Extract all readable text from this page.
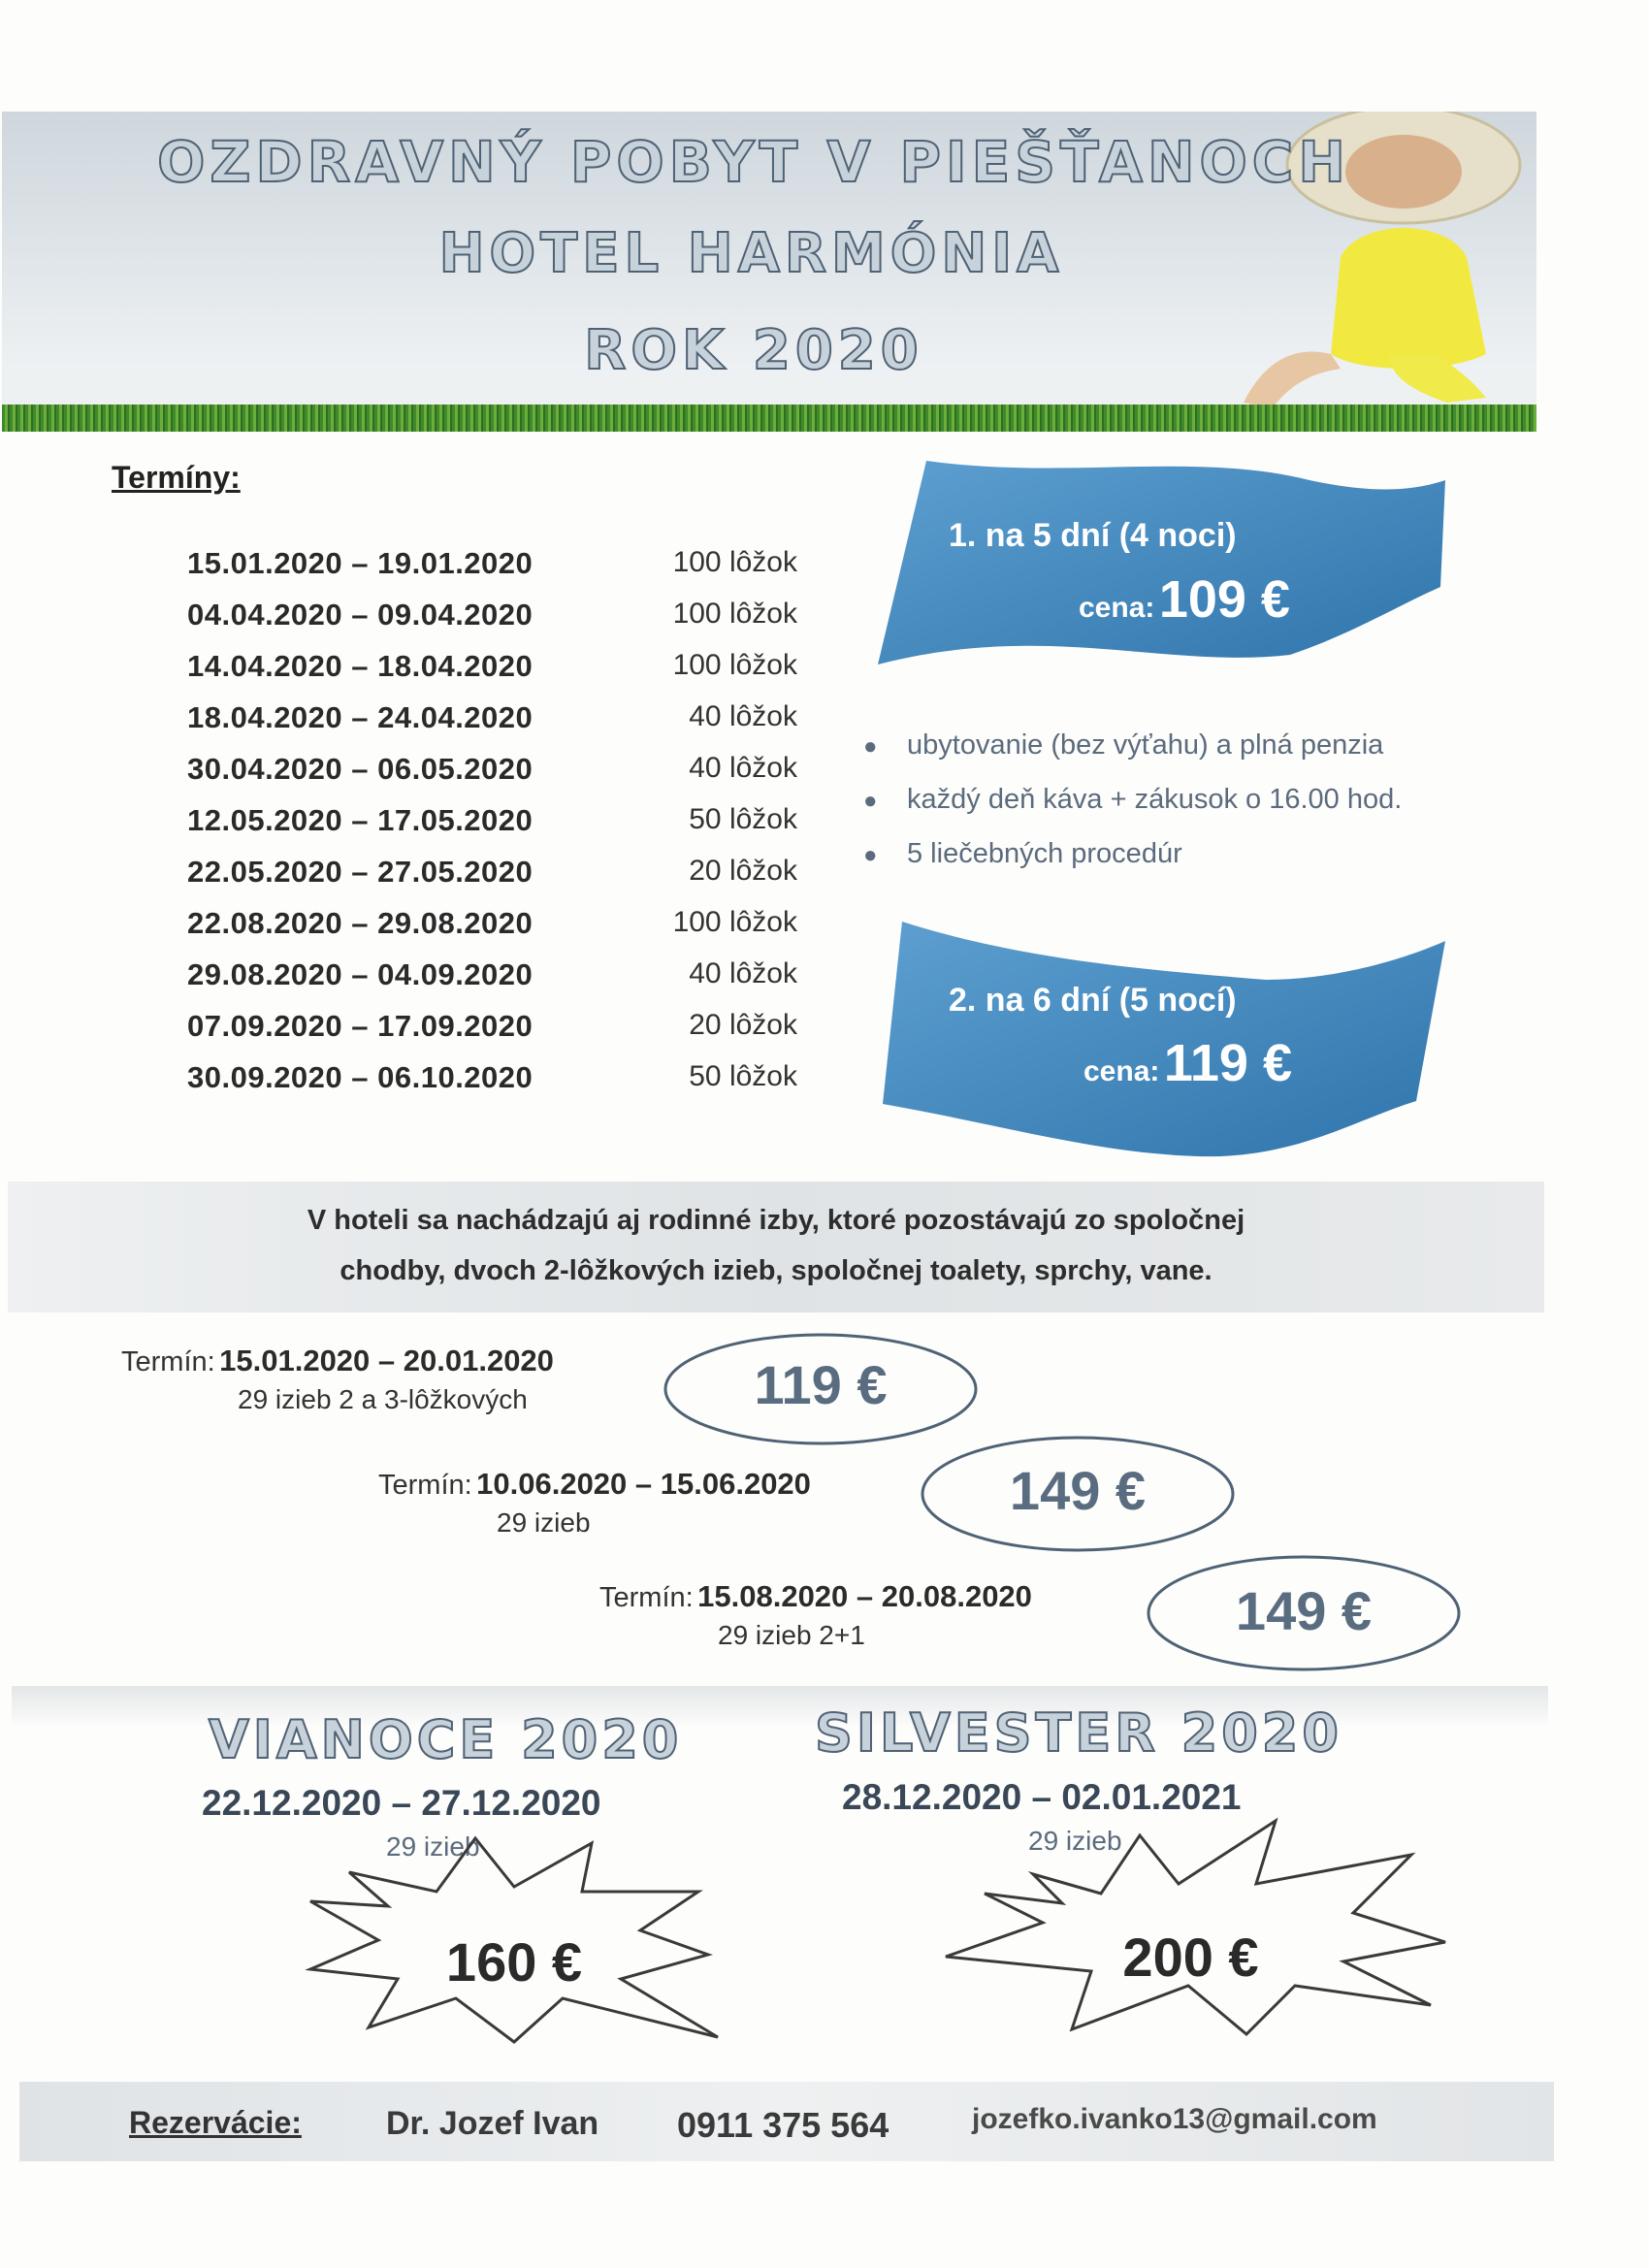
OZDRAVNÝ POBYT V PIEŠŤANOCH
HOTEL HARMÓNIA
ROK 2020
Termíny:
15.01.2020 – 19.01.2020	100 lôžok
04.04.2020 – 09.04.2020	100 lôžok
14.04.2020 – 18.04.2020	100 lôžok
18.04.2020 – 24.04.2020	40 lôžok
30.04.2020 – 06.05.2020	40 lôžok
12.05.2020 – 17.05.2020	50 lôžok
22.05.2020 – 27.05.2020	20 lôžok
22.08.2020 – 29.08.2020	100 lôžok
29.08.2020 – 04.09.2020	40 lôžok
07.09.2020 – 17.09.2020	20 lôžok
30.09.2020 – 06.10.2020	50 lôžok
1. na 5 dní (4 noci)
cena: 109 €
● ubytovanie (bez výťahu) a plná penzia
● každý deň káva + zákusok o 16.00 hod.
● 5 liečebných procedúr
2. na 6 dní (5 nocí)
cena: 119 €
V hoteli sa nachádzajú aj rodinné izby, ktoré pozostávajú zo spoločnej
chodby, dvoch 2-lôžkových izieb, spoločnej toalety, sprchy, vane.
Termín: 15.01.2020 – 20.01.2020
29 izieb 2 a 3-lôžkových	119 €
Termín: 10.06.2020 – 15.06.2020
29 izieb
149 €
Termín: 15.08.2020 – 20.08.2020
29 izieb 2+1	149 €
VIANOCE 2020
22.12.2020 – 27.12.2020
29 izieb
160 €
SILVESTER 2020
28.12.2020 – 02.01.2021
29 izieb
200 €
Rezervácie:	Dr. Jozef Ivan 0911 375 564	jozefko.ivanko13@gmail.com
